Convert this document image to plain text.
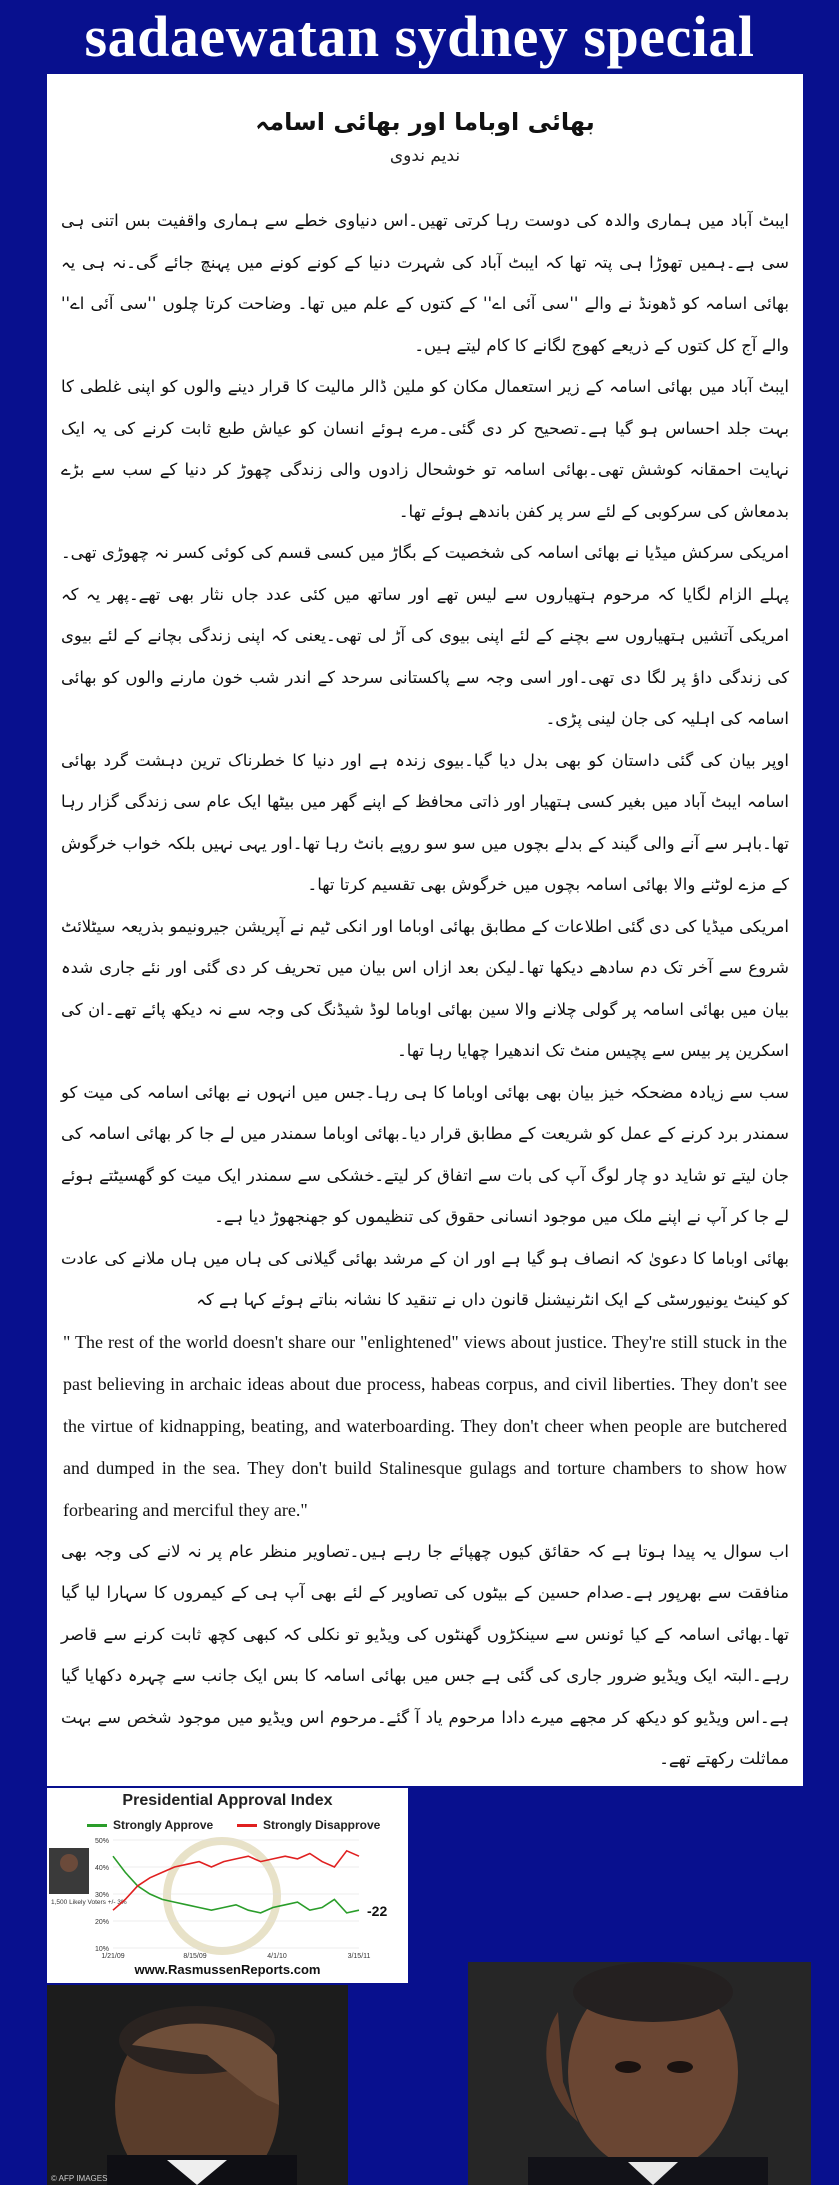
sadaewatan sydney special
بھائی اوباما اور بھائی اسامہ
ندیم ندوی

ایبٹ آباد میں ہماری والدہ کی دوست رہا کرتی تھیں۔اس دنیاوی خطے سے ہماری واقفیت بس اتنی ہی سی ہے۔ہمیں تھوڑا ہی پتہ تھا کہ ایبٹ آباد کی شہرت دنیا کے کونے کونے میں پہنچ جائے گی۔نہ ہی یہ بھائی اسامہ کو ڈھونڈ نے والے ''سی آئی اے'' کے کتوں کے علم میں تھا۔ وضاحت کرتا چلوں ''سی آئی اے'' والے آج کل کتوں کے ذریعے کھوج لگانے کا کام لیتے ہیں۔

ایبٹ آباد میں بھائی اسامہ کے زیر استعمال مکان کو ملین ڈالر مالیت کا قرار دینے والوں کو اپنی غلطی کا بہت جلد احساس ہو گیا ہے۔تصحیح کر دی گئی۔مرے ہوئے انسان کو عیاش طبع ثابت کرنے کی یہ ایک نہایت احمقانہ کوشش تھی۔بھائی اسامہ تو خوشحال زادوں والی زندگی چھوڑ کر دنیا کے سب سے بڑے بدمعاش کی سرکوبی کے لئے سر پر کفن باندھے ہوئے تھا۔

امریکی سرکش میڈیا نے بھائی اسامہ کی شخصیت کے بگاڑ میں کسی قسم کی کوئی کسر نہ چھوڑی تھی۔پہلے الزام لگایا کہ مرحوم ہتھیاروں سے لیس تھے اور ساتھ میں کئی عدد جاں نثار بھی تھے۔پھر یہ کہ امریکی آتشیں ہتھیاروں سے بچنے کے لئے اپنی بیوی کی آڑ لی تھی۔یعنی کہ اپنی زندگی بچانے کے لئے بیوی کی زندگی داؤ پر لگا دی تھی۔اور اسی وجہ سے پاکستانی سرحد کے اندر شب خون مارنے والوں کو بھائی اسامہ کی اہلیہ کی جان لینی پڑی۔

اوپر بیان کی گئی داستان کو بھی بدل دیا گیا۔بیوی زندہ ہے اور دنیا کا خطرناک ترین دہشت گرد بھائی اسامہ ایبٹ آباد میں بغیر کسی ہتھیار اور ذاتی محافظ کے اپنے گھر میں بیٹھا ایک عام سی زندگی گزار رہا تھا۔باہر سے آنے والی گیند کے بدلے بچوں میں سو سو روپے بانٹ رہا تھا۔اور یہی نہیں بلکہ خواب خرگوش کے مزے لوٹنے والا بھائی اسامہ بچوں میں خرگوش بھی تقسیم کرتا تھا۔

امریکی میڈیا کی دی گئی اطلاعات کے مطابق بھائی اوباما اور انکی ٹیم نے آپریشن جیرونیمو بذریعہ سیٹلائٹ شروع سے آخر تک دم سادھے دیکھا تھا۔لیکن بعد ازاں اس بیان میں تحریف کر دی گئی اور نئے جاری شدہ بیان میں بھائی اسامہ پر گولی چلانے والا سین بھائی اوباما لوڈ شیڈنگ کی وجہ سے نہ دیکھ پائے تھے۔ان کی اسکرین پر بیس سے پچیس منٹ تک اندھیرا چھایا رہا تھا۔

سب سے زیادہ مضحکہ خیز بیان بھی بھائی اوباما کا ہی رہا۔جس میں انہوں نے بھائی اسامہ کی میت کو سمندر برد کرنے کے عمل کو شریعت کے مطابق قرار دیا۔بھائی اوباما سمندر میں لے جا کر بھائی اسامہ کی جان لیتے تو شاید دو چار لوگ آپ کی بات سے اتفاق کر لیتے۔خشکی سے سمندر ایک میت کو گھسیٹتے ہوئے لے جا کر آپ نے اپنے ملک میں موجود انسانی حقوق کی تنظیموں کو جھنجھوڑ دیا ہے۔

بھائی اوباما کا دعویٰ کہ انصاف ہو گیا ہے اور ان کے مرشد بھائی گیلانی کی ہاں میں ہاں ملانے کی عادت کو کینٹ یونیورسٹی کے ایک انٹرنیشنل قانون داں نے تنقید کا نشانہ بناتے ہوئے کہا ہے کہ

" The rest of the world doesn't share our "enlightened" views about justice. They're still stuck in the past believing in archaic ideas about due process, habeas corpus, and civil liberties. They don't see the virtue of kidnapping, beating, and waterboarding. They don't cheer when people are butchered and dumped in the sea. They don't build Stalinesque gulags and torture chambers to show how forbearing and merciful they are."

اب سوال یہ پیدا ہوتا ہے کہ حقائق کیوں چھپائے جا رہے ہیں۔تصاویر منظر عام پر نہ لانے کی وجہ بھی منافقت سے بھرپور ہے۔صدام حسین کے بیٹوں کی تصاویر کے لئے بھی آپ ہی کے کیمروں کا سہارا لیا گیا تھا۔بھائی اسامہ کے کیا ئونس سے سینکڑوں گھنٹوں کی ویڈیو تو نکلی کہ کبھی کچھ ثابت کرنے سے قاصر رہے۔البتہ ایک ویڈیو ضرور جاری کی گئی ہے جس میں بھائی اسامہ کا بس ایک جانب سے چہرہ دکھایا گیا ہے۔اس ویڈیو کو دیکھ کر مجھے میرے دادا مرحوم یاد آ گئے۔مرحوم اس ویڈیو میں موجود شخص سے بہت مماثلت رکھتے تھے۔

Presidential Approval Index
Strongly Approve	Strongly Disapprove
1,500 Likely Voters +/- 3%
50%
40%
30%
20%
10%
1/21/09	8/15/09	4/1/10	3/15/11
-22
www.RasmussenReports.com
© AFP IMAGES
